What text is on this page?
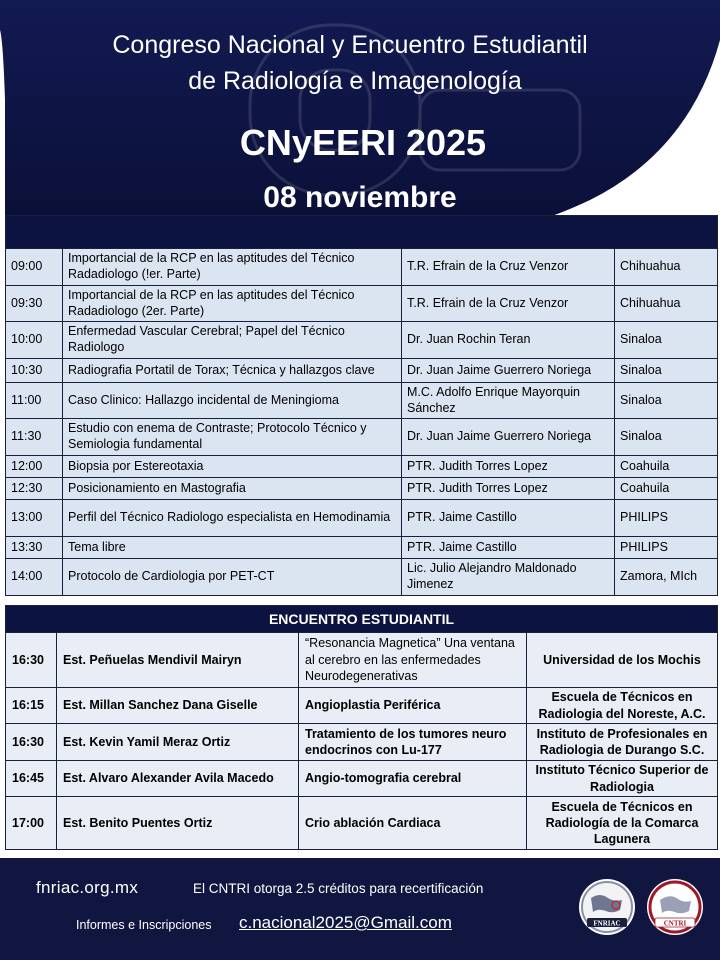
Congreso Nacional y Encuentro Estudiantil
de Radiología e Imagenología
CNyEERI 2025
08 noviembre

09:00	Importancial de la RCP en las aptitudes del Técnico Radadiologo (!er. Parte)	T.R. Efrain de la Cruz Venzor	Chihuahua
09:30	Importancial de la RCP en las aptitudes del Técnico Radadiologo (2er. Parte)	T.R. Efrain de la Cruz Venzor	Chihuahua
10:00	Enfermedad Vascular Cerebral; Papel del Técnico Radiologo	Dr. Juan Rochin Teran	Sinaloa
10:30	Radiografia Portatil de Torax; Técnica y hallazgos clave	Dr. Juan Jaime Guerrero Noriega	Sinaloa
11:00	Caso Clinico: Hallazgo incidental de Meningioma	M.C. Adolfo Enrique Mayorquin Sánchez	Sinaloa
11:30	Estudio con enema de Contraste; Protocolo Técnico y Semiologia fundamental	Dr. Juan Jaime Guerrero Noriega	Sinaloa
12:00	Biopsia por Estereotaxia	PTR. Judith Torres Lopez	Coahuila
12:30	Posicionamiento en Mastografia	PTR. Judith Torres Lopez	Coahuila
13:00	Perfil del Técnico Radiologo especialista en Hemodinamia	PTR. Jaime Castillo	PHILIPS
13:30	Tema libre	PTR. Jaime Castillo	PHILIPS
14:00	Protocolo de Cardiologia por PET-CT	Lic. Julio Alejandro Maldonado Jimenez	Zamora, MIch
ENCUENTRO ESTUDIANTIL			
16:30	Est. Peñuelas Mendivil Mairyn	“Resonancia Magnetica” Una ventana al cerebro en las enfermedades Neurodegenerativas	Universidad de los Mochis
16:15	Est. Millan Sanchez Dana Giselle	Angioplastia Periférica	Escuela de Técnicos en Radiologia del Noreste, A.C.
16:30	Est. Kevin Yamil Meraz Ortiz	Tratamiento de los tumores neuro endocrinos con Lu-177	Instituto de Profesionales en Radiologia de Durango S.C.
16:45	Est. Alvaro Alexander Avila Macedo	Angio-tomografia cerebral	Instituto Técnico Superior de Radiologia
17:00	Est. Benito Puentes Ortiz	Crio ablación Cardiaca	Escuela de Técnicos en Radiología de la Comarca Lagunera
fnriac.org.mx	El CNTRI otorga 2.5 créditos para recertificación
Informes e Inscripciones c.nacional2025@Gmail.com	FNRIAC	CNTRI
